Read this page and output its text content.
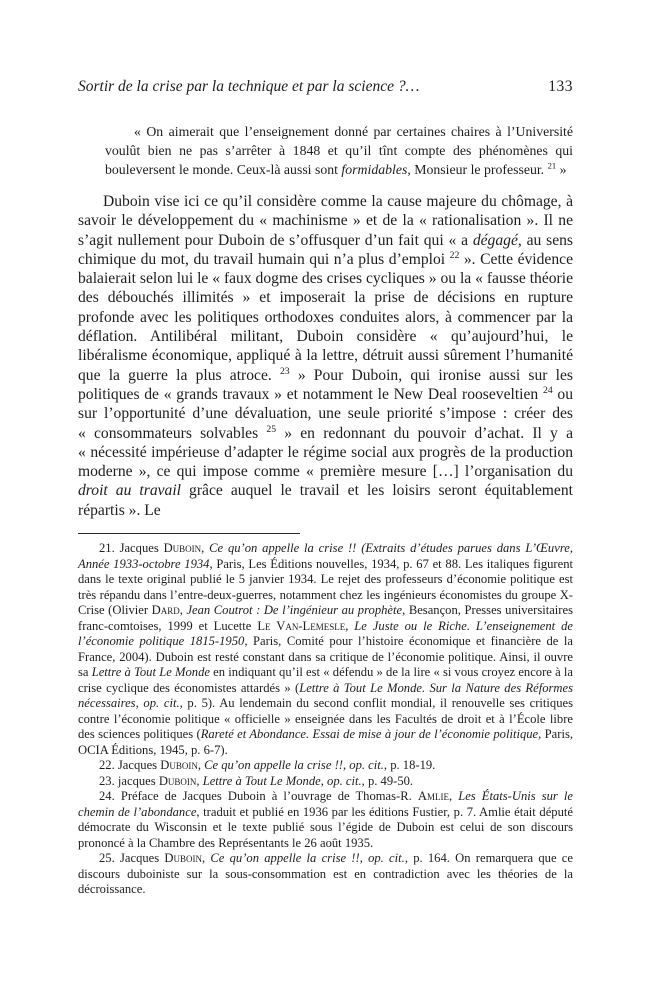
Sortir de la crise par la technique et par la science ?…	133

« On aimerait que l’enseignement donné par certaines chaires à l’Université voulût bien ne pas s’arrêter à 1848 et qu’il tînt compte des phénomènes qui bouleversent le monde. Ceux-là aussi sont formidables, Monsieur le professeur. $^{21}$ »

Duboin vise ici ce qu’il considère comme la cause majeure du chômage, à savoir le développement du « machinisme » et de la « rationalisation ». Il ne s’agit nullement pour Duboin de s’offusquer d’un fait qui « a dégagé, au sens chimique du mot, du travail humain qui n’a plus d’emploi $^{22}$ ». Cette évidence balaierait selon lui le « faux dogme des crises cycliques » ou la « fausse théorie des débouchés illimités » et imposerait la prise de décisions en rupture profonde avec les politiques orthodoxes conduites alors, à commencer par la déflation. Antilibéral militant, Duboin considère « qu’aujourd’hui, le libéralisme économique, appliqué à la lettre, détruit aussi sûrement l’humanité que la guerre la plus atroce. $^{23}$ » Pour Duboin, qui ironise aussi sur les politiques de « grands travaux » et notamment le New Deal rooseveltien $^{24}$ ou sur l’opportunité d’une dévaluation, une seule priorité s’impose : créer des « consommateurs solvables $^{25}$ » en redonnant du pouvoir d’achat. Il y a « nécessité impérieuse d’adapter le régime social aux progrès de la production moderne », ce qui impose comme « première mesure […] l’organisation du droit au travail grâce auquel le travail et les loisirs seront équitablement répartis ». Le

21. Jacques Duboin, Ce qu’on appelle la crise !! (Extraits d’études parues dans L’Œuvre, Année 1933-octobre 1934, Paris, Les Éditions nouvelles, 1934, p. 67 et 88. Les italiques figurent dans le texte original publié le 5 janvier 1934. Le rejet des professeurs d’économie politique est très répandu dans l’entre-deux-guerres, notamment chez les ingénieurs économistes du groupe X-Crise (Olivier Dard, Jean Coutrot : De l’ingénieur au prophète, Besançon, Presses universitaires franc-comtoises, 1999 et Lucette Le Van-Lemesle, Le Juste ou le Riche. L’enseignement de l’économie politique 1815-1950, Paris, Comité pour l’histoire économique et financière de la France, 2004). Duboin est resté constant dans sa critique de l’économie politique. Ainsi, il ouvre sa Lettre à Tout Le Monde en indiquant qu’il est « défendu » de la lire « si vous croyez encore à la crise cyclique des économistes attardés » (Lettre à Tout Le Monde. Sur la Nature des Réformes nécessaires, op. cit., p. 5). Au lendemain du second conflit mondial, il renouvelle ses critiques contre l’économie politique « officielle » enseignée dans les Facultés de droit et à l’École libre des sciences politiques (Rareté et Abondance. Essai de mise à jour de l’économie politique, Paris, OCIA Éditions, 1945, p. 6-7).

22. Jacques Duboin, Ce qu’on appelle la crise !!, op. cit., p. 18-19.

23. jacques Duboin, Lettre à Tout Le Monde, op. cit., p. 49-50.

24. Préface de Jacques Duboin à l’ouvrage de Thomas-R. Amlie, Les États-Unis sur le chemin de l’abondance, traduit et publié en 1936 par les éditions Fustier, p. 7. Amlie était député démocrate du Wisconsin et le texte publié sous l’égide de Duboin est celui de son discours prononcé à la Chambre des Représentants le 26 août 1935.

25. Jacques Duboin, Ce qu’on appelle la crise !!, op. cit., p. 164. On remarquera que ce discours duboiniste sur la sous-consommation est en contradiction avec les théories de la décroissance.
